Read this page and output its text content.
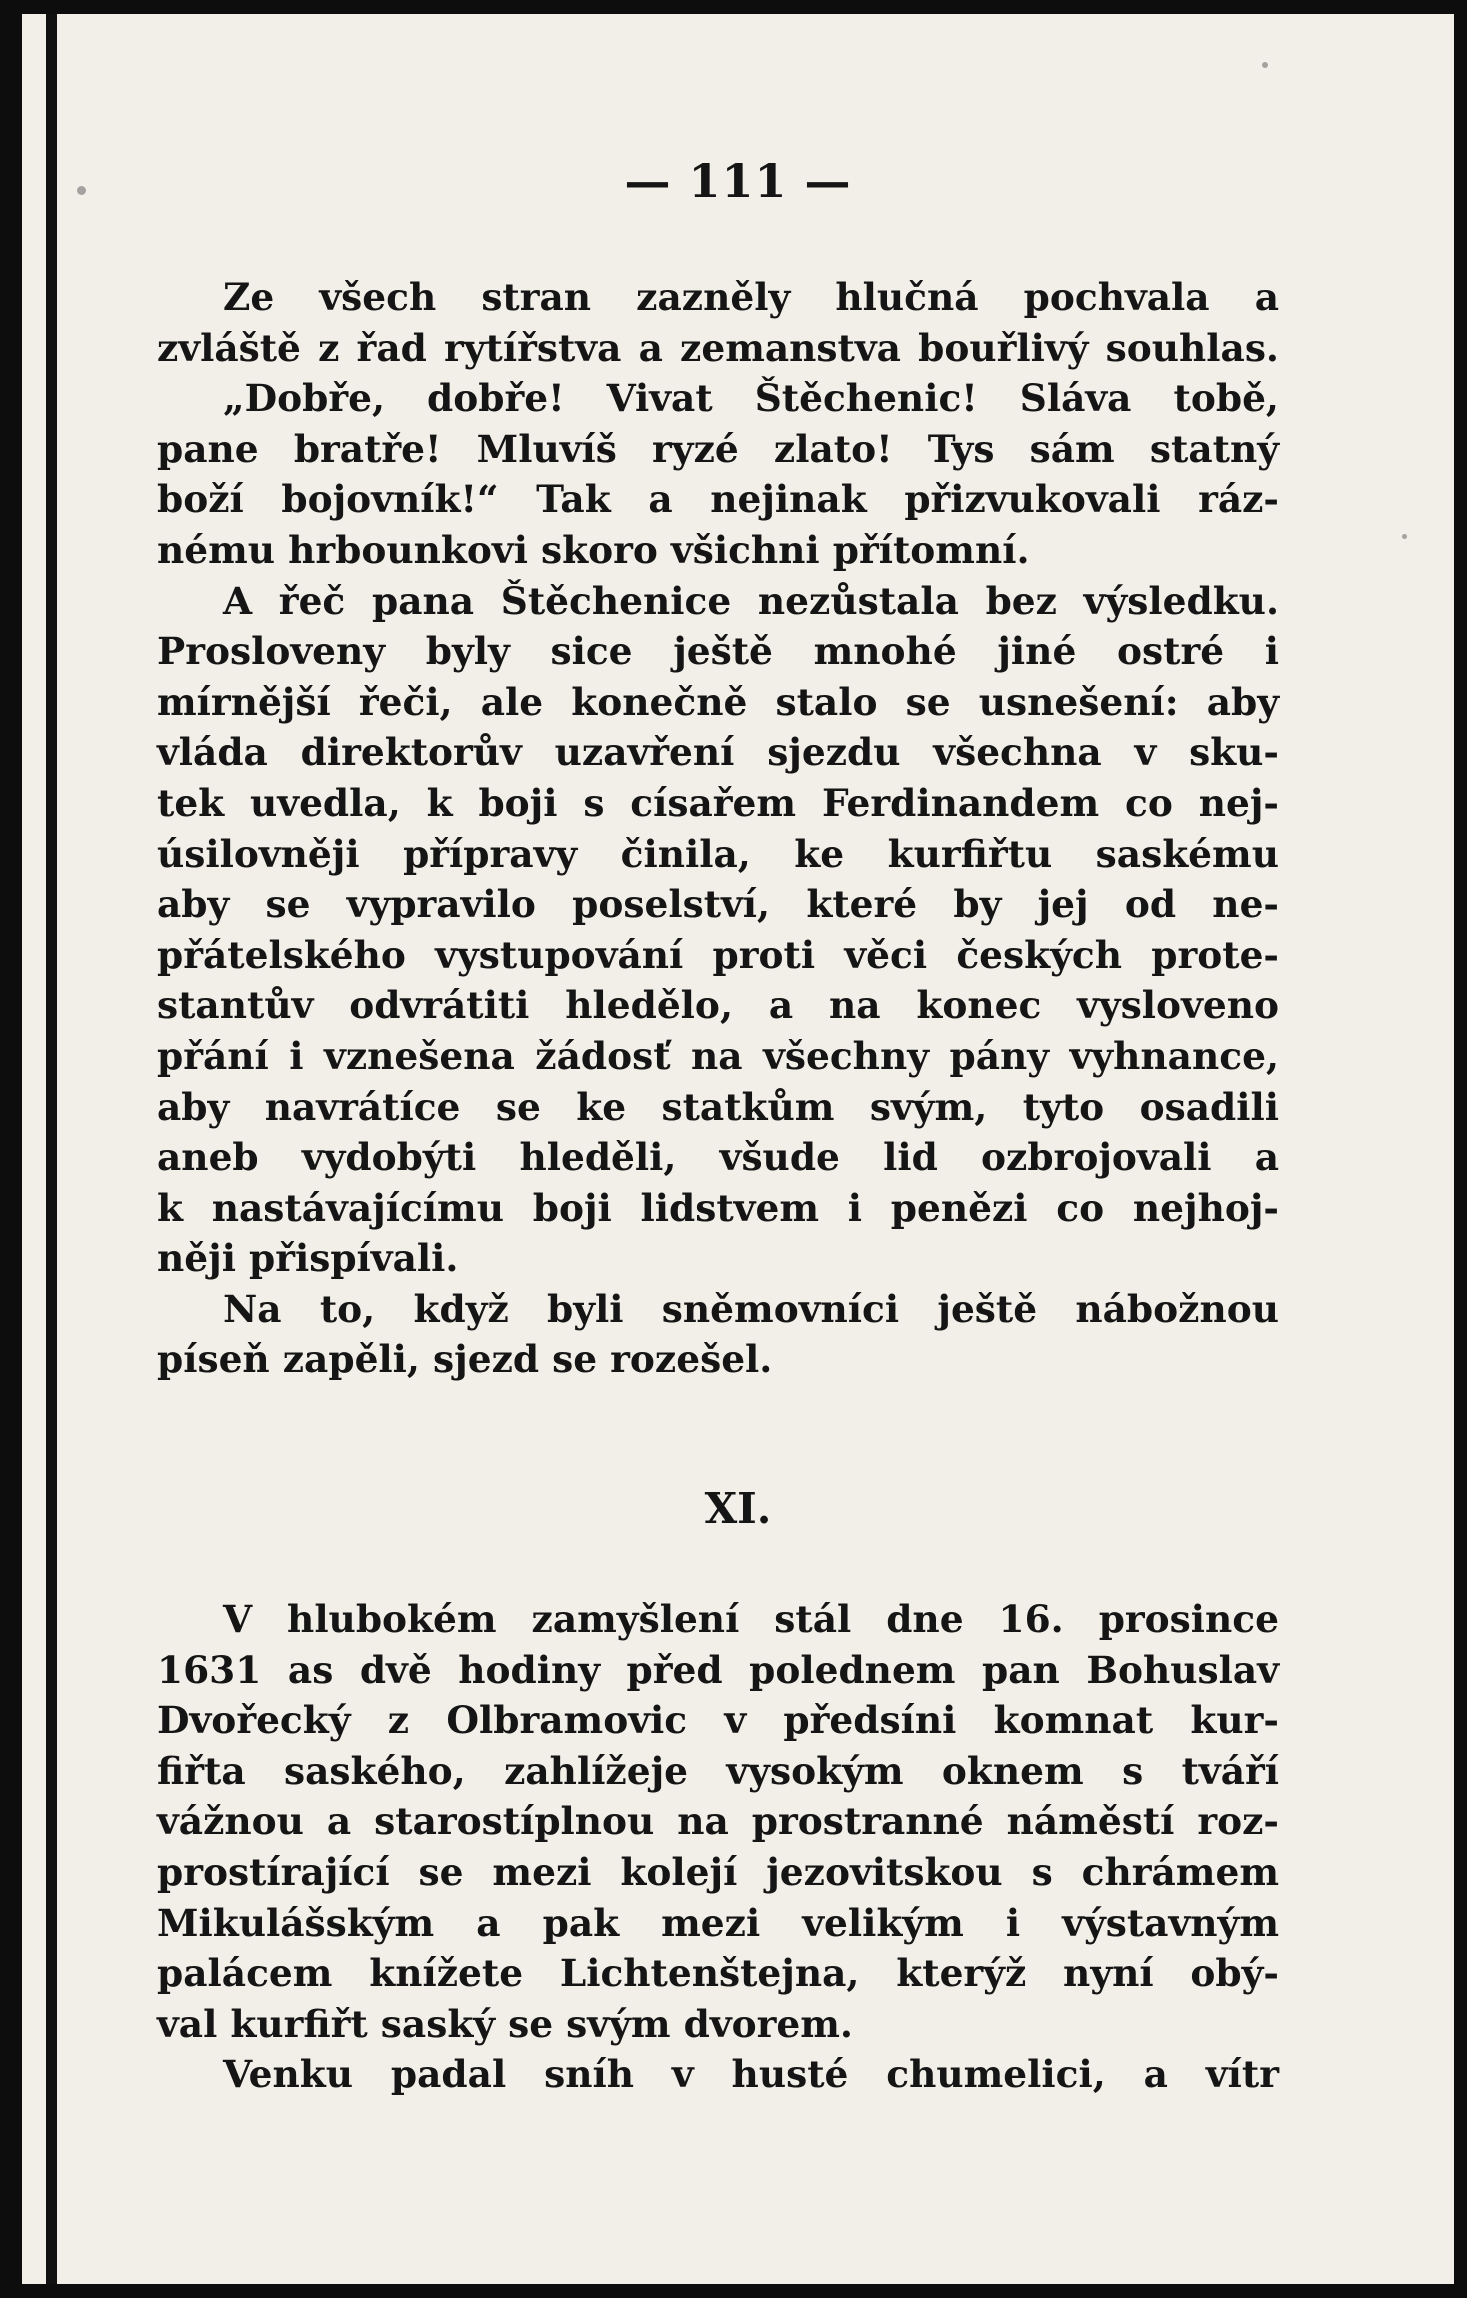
— 111 —
Ze všech stran zazněly hlučná pochvala a
zvláště z řad rytířstva a zemanstva bouřlivý souhlas.
„Dobře, dobře! Vivat Štěchenic! Sláva tobě,
pane bratře! Mluvíš ryzé zlato! Tys sám statný
boží bojovník!“ Tak a nejinak přizvukovali ráz-
nému hrbounkovi skoro všichni přítomní.
A řeč pana Štěchenice nezůstala bez výsledku.
Prosloveny byly sice ještě mnohé jiné ostré i
mírnější řeči, ale konečně stalo se usnešení: aby
vláda direktorův uzavření sjezdu všechna v sku-
tek uvedla, k boji s císařem Ferdinandem co nej-
úsilovněji přípravy činila, ke kurfiřtu saskému
aby se vypravilo poselství, které by jej od ne-
přátelského vystupování proti věci českých prote-
stantův odvrátiti hledělo, a na konec vysloveno
přání i vznešena žádosť na všechny pány vyhnance,
aby navrátíce se ke statkům svým, tyto osadili
aneb vydobýti hleděli, všude lid ozbrojovali a
k nastávajícímu boji lidstvem i penězi co nejhoj-
něji přispívali.
Na to, když byli sněmovníci ještě nábožnou
píseň zapěli, sjezd se rozešel.
XI.
V hlubokém zamyšlení stál dne 16. prosince
1631 as dvě hodiny před polednem pan Bohuslav
Dvořecký z Olbramovic v předsíni komnat kur-
fiřta saského, zahlížeje vysokým oknem s tváří
vážnou a starostíplnou na prostranné náměstí roz-
prostírající se mezi kolejí jezovitskou s chrámem
Mikulášským a pak mezi velikým i výstavným
palácem knížete Lichtenštejna, kterýž nyní obý-
val kurfiřt saský se svým dvorem.
Venku padal sníh v husté chumelici, a vítr
